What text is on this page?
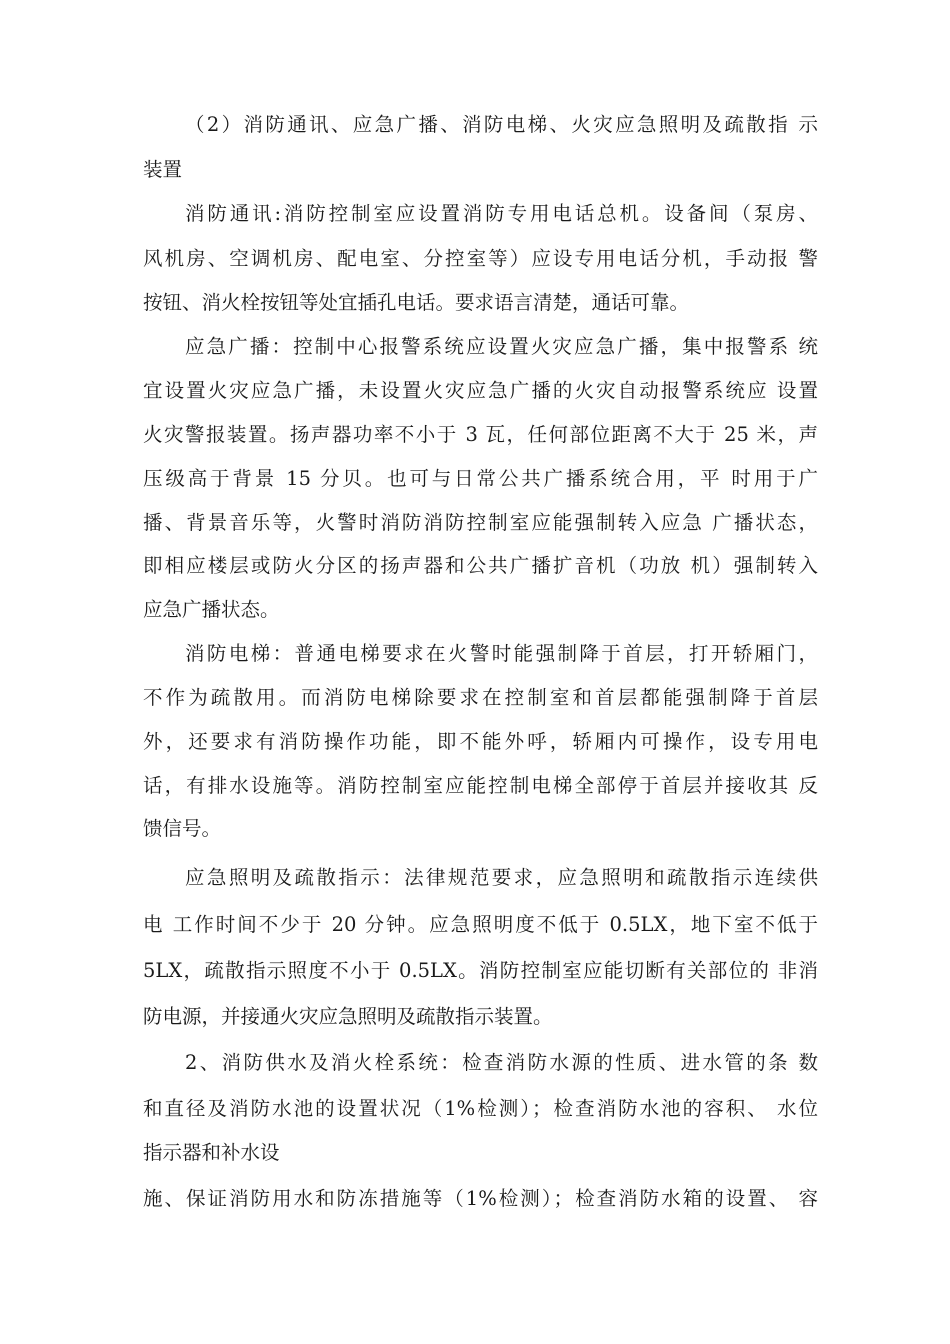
（2）消防通讯、应急广播、消防电梯、火灾应急照明及疏散指 示
装置
消防通讯:消防控制室应设置消防专用电话总机。设备间（泵房、
风机房、空调机房、配电室、分控室等）应设专用电话分机，手动报 警
按钮、消火栓按钮等处宜插孔电话。要求语言清楚，通话可靠。
应急广播：控制中心报警系统应设置火灾应急广播，集中报警系 统
宜设置火灾应急广播，未设置火灾应急广播的火灾自动报警系统应 设置
火灾警报装置。扬声器功率不小于 3 瓦，任何部位距离不大于 25 米，声
压级高于背景 15 分贝。也可与日常公共广播系统合用，平 时用于广
播、背景音乐等，火警时消防消防控制室应能强制转入应急 广播状态，
即相应楼层或防火分区的扬声器和公共广播扩音机（功放 机）强制转入
应急广播状态。
消防电梯：普通电梯要求在火警时能强制降于首层，打开轿厢门，
不作为疏散用。而消防电梯除要求在控制室和首层都能强制降于首层
外，还要求有消防操作功能，即不能外呼，轿厢内可操作，设专用电
话，有排水设施等。消防控制室应能控制电梯全部停于首层并接收其 反
馈信号。
应急照明及疏散指示：法律规范要求，应急照明和疏散指示连续供
电 工作时间不少于 20 分钟。应急照明度不低于 0.5LX，地下室不低于
5LX，疏散指示照度不小于 0.5LX。消防控制室应能切断有关部位的 非消
防电源，并接通火灾应急照明及疏散指示装置。
2、消防供水及消火栓系统：检查消防水源的性质、进水管的条 数
和直径及消防水池的设置状况（1%检测）；检查消防水池的容积、 水位
指示器和补水设
施、保证消防用水和防冻措施等（1%检测）；检查消防水箱的设置、 容
